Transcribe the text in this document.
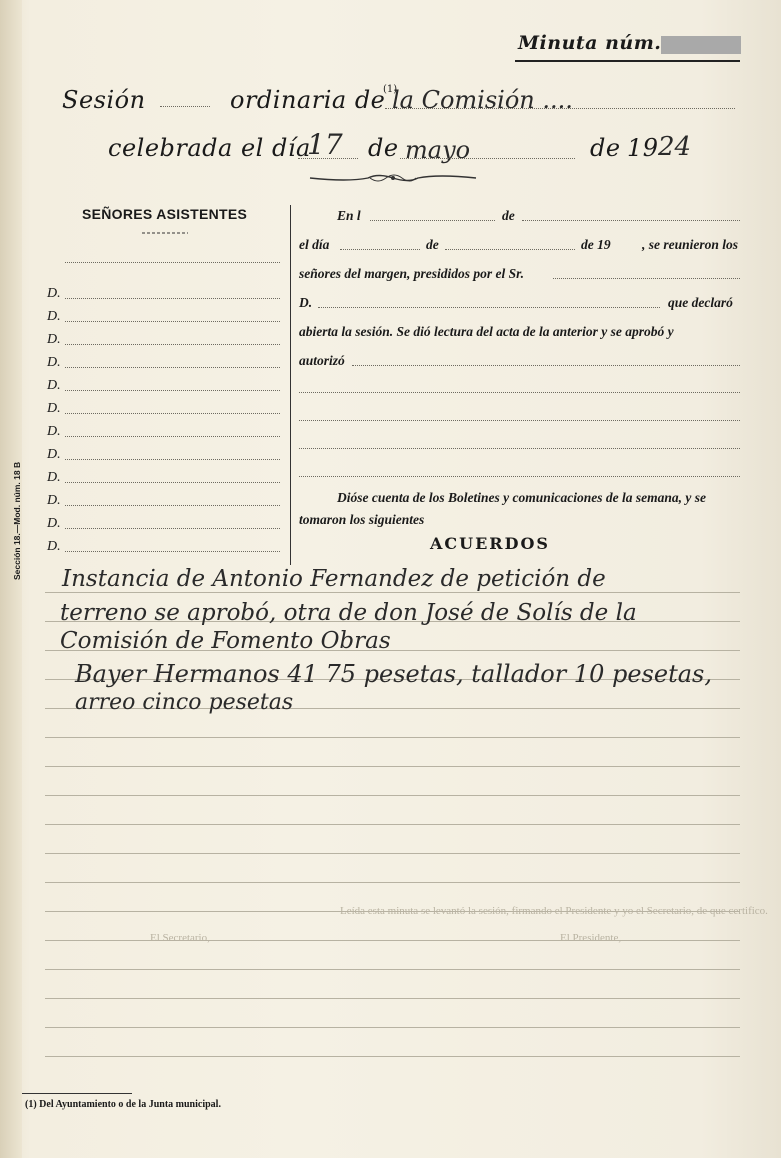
Minuta núm.
Sesión	ordinaria de
(1)
la Comisión ....
celebrada el día
17 de mayo	de 19 24
SEÑORES ASISTENTES
D.
D.
D.
D.
D.
D.
D.
D.
D.
D.
D.
D.
En l	de
el día	de	de 19 , se reunieron los
señores del margen, presididos por el Sr.
D.	que declaró
abierta la sesión. Se dió lectura del acta de la anterior y se aprobó y
autorizó
Dióse cuenta de los Boletines y comunicaciones de la semana, y se
tomaron los siguientes
ACUERDOS
Sección 18.—Mod. núm. 18 B Instancia de Antonio Fernandez de petición de
terreno se aprobó, otra de don José de Solís de la
Comisión de Fomento Obras
Bayer Hermanos 41 75 pesetas, tallador 10 pesetas,
arreo cinco pesetas
Leída esta minuta se levantó la sesión, firmando el Presidente y yo el Secretario, de que certifico.
El Presidente,
El Secretario,
(1) Del Ayuntamiento o de la Junta municipal.
